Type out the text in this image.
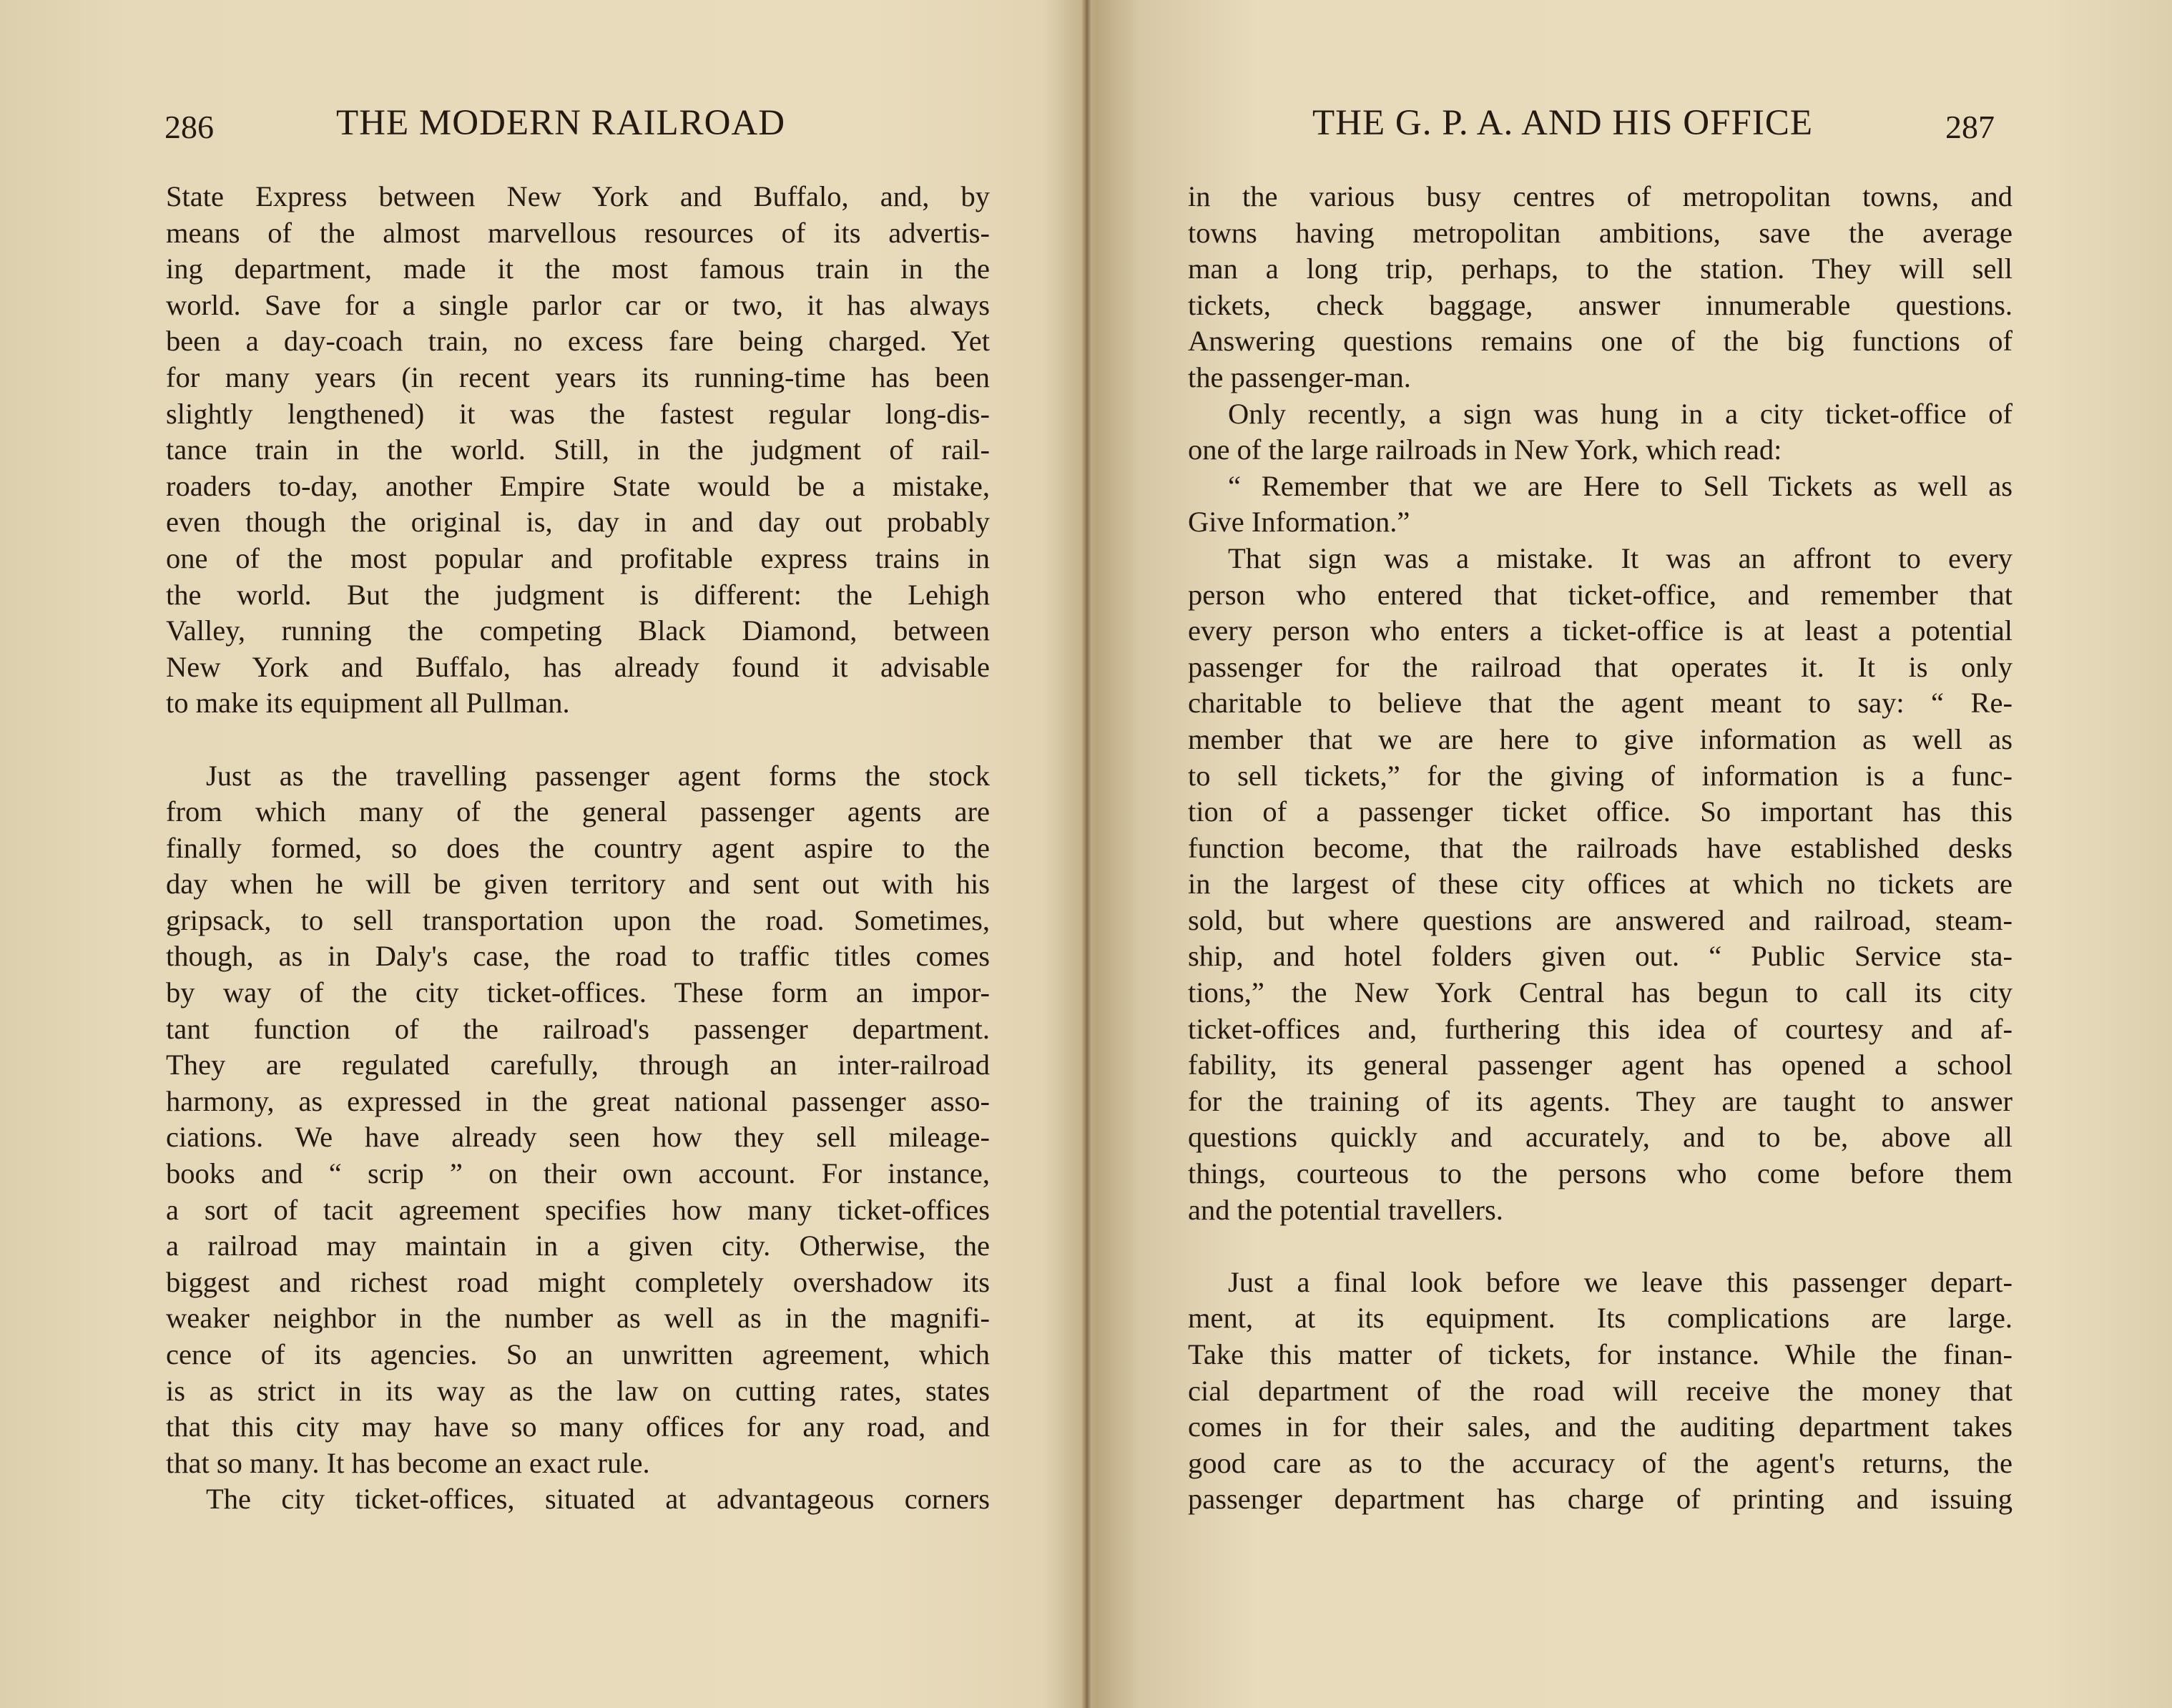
286	THE MODERN RAILROAD
State Express between New York and Buffalo, and, by
means of the almost marvellous resources of its advertis-
ing department, made it the most famous train in the
world. Save for a single parlor car or two, it has always
been a day-coach train, no excess fare being charged. Yet
for many years (in recent years its running-time has been
slightly lengthened) it was the fastest regular long-dis-
tance train in the world. Still, in the judgment of rail-
roaders to-day, another Empire State would be a mistake,
even though the original is, day in and day out probably
one of the most popular and profitable express trains in
the world. But the judgment is different: the Lehigh
Valley, running the competing Black Diamond, between
New York and Buffalo, has already found it advisable
to make its equipment all Pullman.
Just as the travelling passenger agent forms the stock
from which many of the general passenger agents are
finally formed, so does the country agent aspire to the
day when he will be given territory and sent out with his
gripsack, to sell transportation upon the road. Sometimes,
though, as in Daly's case, the road to traffic titles comes
by way of the city ticket-offices. These form an impor-
tant function of the railroad's passenger department.
They are regulated carefully, through an inter-railroad
harmony, as expressed in the great national passenger asso-
ciations. We have already seen how they sell mileage-
books and “ scrip ” on their own account. For instance,
a sort of tacit agreement specifies how many ticket-offices
a railroad may maintain in a given city. Otherwise, the
biggest and richest road might completely overshadow its
weaker neighbor in the number as well as in the magnifi-
cence of its agencies. So an unwritten agreement, which
is as strict in its way as the law on cutting rates, states
that this city may have so many offices for any road, and
that so many. It has become an exact rule.
The city ticket-offices, situated at advantageous corners
THE G. P. A. AND HIS OFFICE	287
in the various busy centres of metropolitan towns, and
towns having metropolitan ambitions, save the average
man a long trip, perhaps, to the station. They will sell
tickets, check baggage, answer innumerable questions.
Answering questions remains one of the big functions of
the passenger-man.
Only recently, a sign was hung in a city ticket-office of
one of the large railroads in New York, which read:
“ Remember that we are Here to Sell Tickets as well as
Give Information.”
That sign was a mistake. It was an affront to every
person who entered that ticket-office, and remember that
every person who enters a ticket-office is at least a potential
passenger for the railroad that operates it. It is only
charitable to believe that the agent meant to say: “ Re-
member that we are here to give information as well as
to sell tickets,” for the giving of information is a func-
tion of a passenger ticket office. So important has this
function become, that the railroads have established desks
in the largest of these city offices at which no tickets are
sold, but where questions are answered and railroad, steam-
ship, and hotel folders given out. “ Public Service sta-
tions,” the New York Central has begun to call its city
ticket-offices and, furthering this idea of courtesy and af-
fability, its general passenger agent has opened a school
for the training of its agents. They are taught to answer
questions quickly and accurately, and to be, above all
things, courteous to the persons who come before them
and the potential travellers.
Just a final look before we leave this passenger depart-
ment, at its equipment. Its complications are large.
Take this matter of tickets, for instance. While the finan-
cial department of the road will receive the money that
comes in for their sales, and the auditing department takes
good care as to the accuracy of the agent's returns, the
passenger department has charge of printing and issuing
